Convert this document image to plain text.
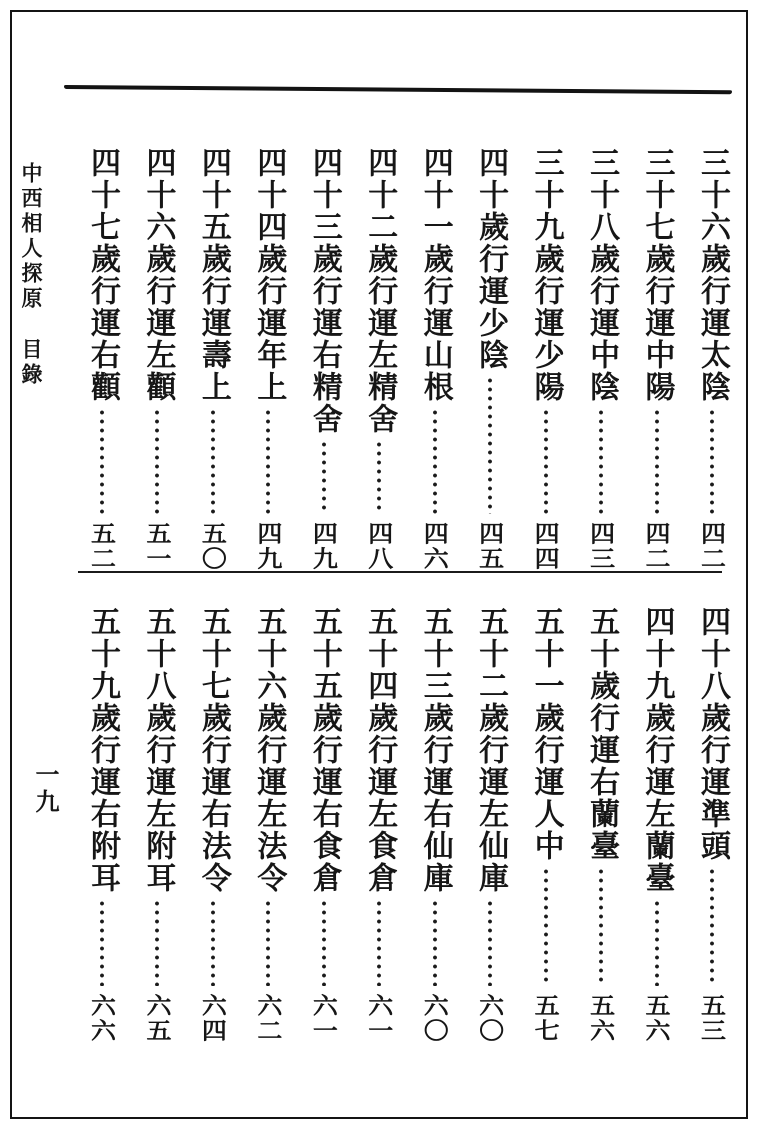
中西相人探原目錄
一九
三十六歲行運太陰
四二
三十七歲行運中陽
四二
三十八歲行運中陰
四三
三十九歲行運少陽
四四
四十歲行運少陰
四五
四十一歲行運山根
四六
四十二歲行運左精舍
四八
四十三歲行運右精舍
四九
四十四歲行運年上
四九
四十五歲行運壽上
五〇
四十六歲行運左顴
五一
四十七歲行運右顴
五二
四十八歲行運準頭
五三
四十九歲行運左蘭臺
五六
五十歲行運右蘭臺
五六
五十一歲行運人中
五七
五十二歲行運左仙庫
六〇
五十三歲行運右仙庫
六〇
五十四歲行運左食倉
六一
五十五歲行運右食倉
六一
五十六歲行運左法令
六二
五十七歲行運右法令
六四
五十八歲行運左附耳
六五
五十九歲行運右附耳
六六
